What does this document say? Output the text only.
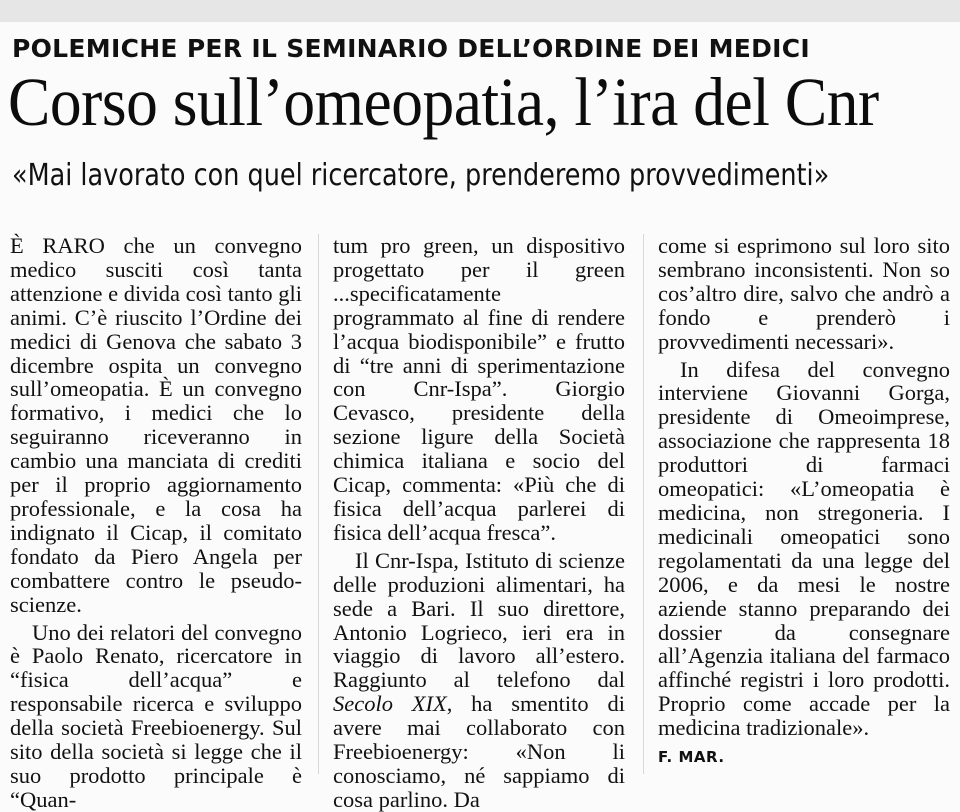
POLEMICHE PER IL SEMINARIO DELL’ORDINE DEI MEDICI
Corso sull’omeopatia, l’ira del Cnr
«Mai lavorato con quel ricercatore, prenderemo provvedimenti»

È RARO che un convegno medico susciti così tanta attenzione e divida così tanto gli animi. C’è riuscito l’Ordine dei medici di Genova che sabato 3 dicembre ospita un convegno sull’omeopatia. È un convegno formativo, i medici che lo seguiranno riceveranno in cambio una manciata di crediti per il proprio aggiornamento professionale, e la cosa ha indignato il Cicap, il comitato fondato da Piero Angela per combattere contro le pseudo-scienze.

Uno dei relatori del convegno è Paolo Renato, ricercatore in “fisica dell’acqua” e responsabile ricerca e sviluppo della società Freebioenergy. Sul sito della società si legge che il suo prodotto principale è “Quan-

tum pro green, un dispositivo progettato per il green ...specificatamente programmato al fine di rendere l’acqua biodisponibile” e frutto di “tre anni di sperimentazione con Cnr-Ispa”. Giorgio Cevasco, presidente della sezione ligure della Società chimica italiana e socio del Cicap, commenta: «Più che di fisica dell’acqua parlerei di fisica dell’acqua fresca”.

Il Cnr-Ispa, Istituto di scienze delle produzioni alimentari, ha sede a Bari. Il suo direttore, Antonio Logrieco, ieri era in viaggio di lavoro all’estero. Raggiunto al telefono dal Secolo XIX, ha smentito di avere mai collaborato con Freebioenergy: «Non li conosciamo, né sappiamo di cosa parlino. Da

come si esprimono sul loro sito sembrano inconsistenti. Non so cos’altro dire, salvo che andrò a fondo e prenderò i provvedimenti necessari».

In difesa del convegno interviene Giovanni Gorga, presidente di Omeoimprese, associazione che rappresenta 18 produttori di farmaci omeopatici: «L’omeopatia è medicina, non stregoneria. I medicinali omeopatici sono regolamentati da una legge del 2006, e da mesi le nostre aziende stanno preparando dei dossier da consegnare all’Agenzia italiana del farmaco affinché registri i loro prodotti. Proprio come accade per la medicina tradizionale».

F. MAR.
